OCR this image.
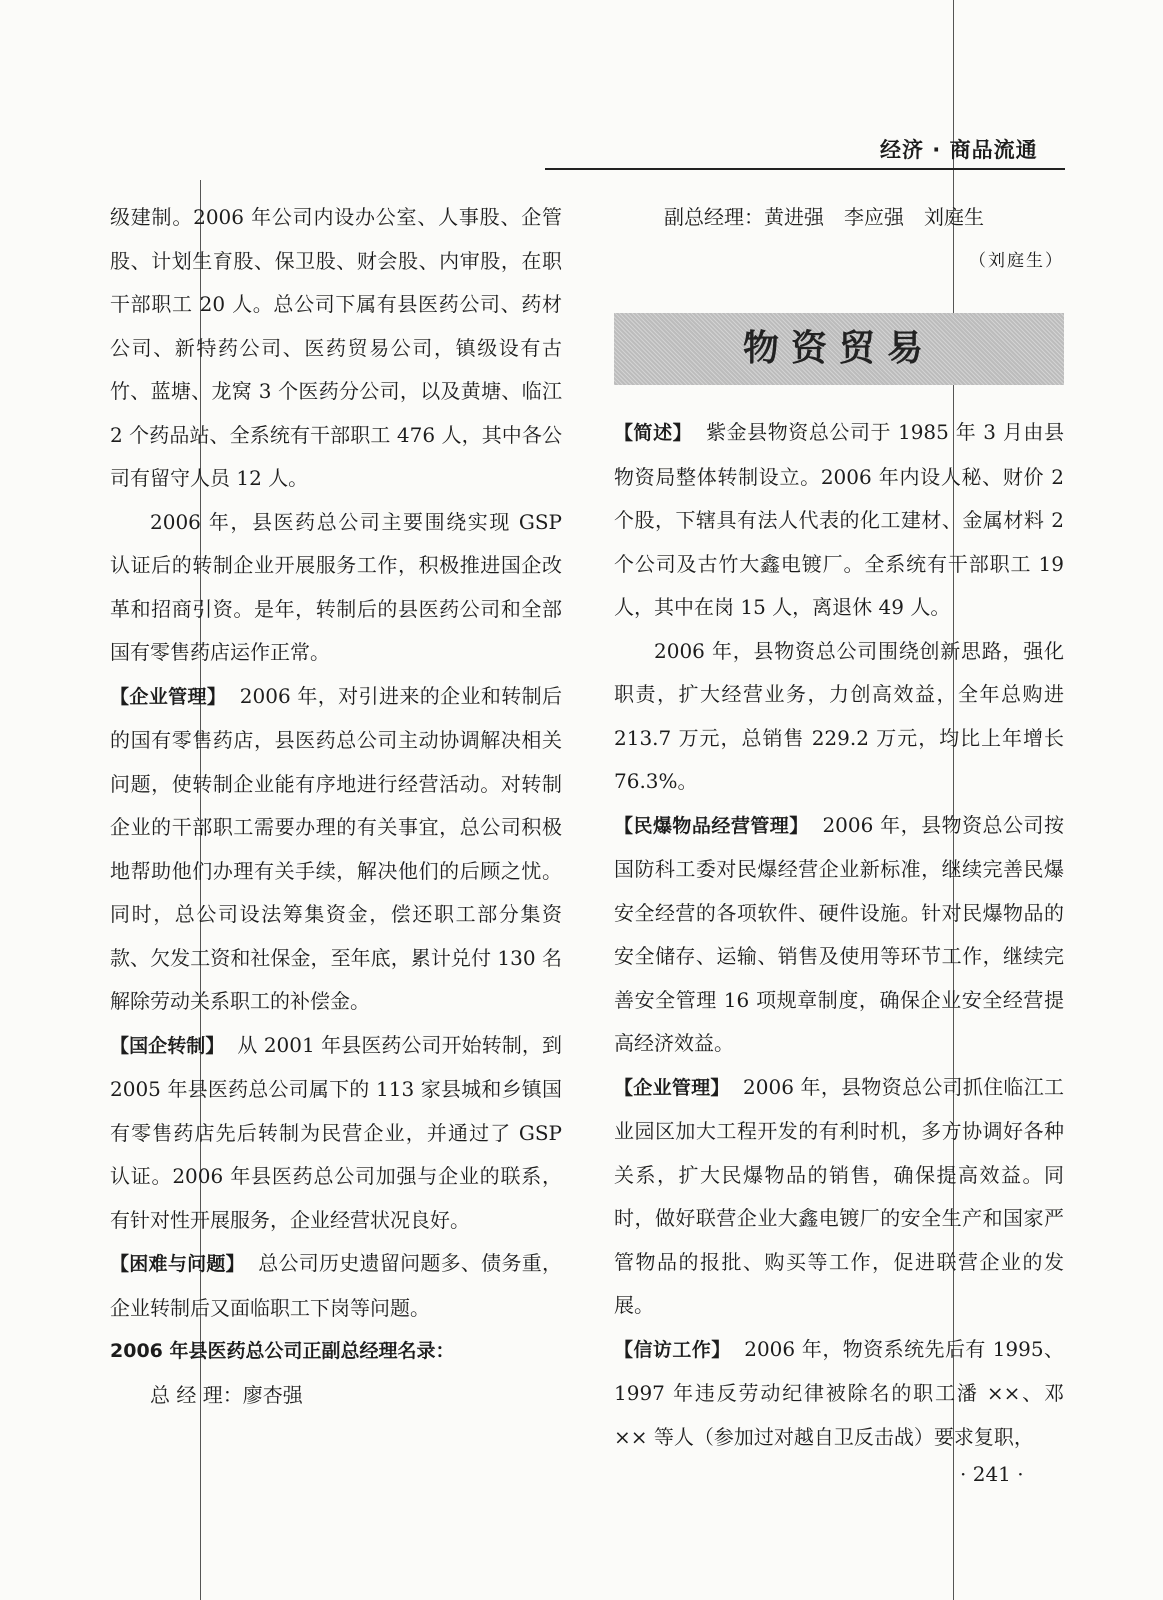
经济 · 商品流通

级建制。2006 年公司内设办公室、人事股、企管股、计划生育股、保卫股、财会股、内审股，在职干部职工 20 人。总公司下属有县医药公司、药材公司、新特药公司、医药贸易公司，镇级设有古竹、蓝塘、龙窝 3 个医药分公司，以及黄塘、临江 2 个药品站、全系统有干部职工 476 人，其中各公司有留守人员 12 人。

2006 年，县医药总公司主要围绕实现 GSP 认证后的转制企业开展服务工作，积极推进国企改革和招商引资。是年，转制后的县医药公司和全部国有零售药店运作正常。

【企业管理】 2006 年，对引进来的企业和转制后的国有零售药店，县医药总公司主动协调解决相关问题，使转制企业能有序地进行经营活动。对转制企业的干部职工需要办理的有关事宜，总公司积极地帮助他们办理有关手续，解决他们的后顾之忧。同时，总公司设法筹集资金，偿还职工部分集资款、欠发工资和社保金，至年底，累计兑付 130 名解除劳动关系职工的补偿金。

【国企转制】 从 2001 年县医药公司开始转制，到 2005 年县医药总公司属下的 113 家县城和乡镇国有零售药店先后转制为民营企业，并通过了 GSP 认证。2006 年县医药总公司加强与企业的联系，有针对性开展服务，企业经营状况良好。

【困难与问题】 总公司历史遗留问题多、债务重，企业转制后又面临职工下岗等问题。

2006 年县医药总公司正副总经理名录：

总 经 理：廖杏强

副总经理：黄进强　李应强　刘庭生

（刘庭生）

物资贸易

【简述】 紫金县物资总公司于 1985 年 3 月由县物资局整体转制设立。2006 年内设人秘、财价 2 个股，下辖具有法人代表的化工建材、金属材料 2 个公司及古竹大鑫电镀厂。全系统有干部职工 19 人，其中在岗 15 人，离退休 49 人。

2006 年，县物资总公司围绕创新思路，强化职责，扩大经营业务，力创高效益，全年总购进 213.7 万元，总销售 229.2 万元，均比上年增长 76.3%。

【民爆物品经营管理】 2006 年，县物资总公司按国防科工委对民爆经营企业新标准，继续完善民爆安全经营的各项软件、硬件设施。针对民爆物品的安全储存、运输、销售及使用等环节工作，继续完善安全管理 16 项规章制度，确保企业安全经营提高经济效益。

【企业管理】 2006 年，县物资总公司抓住临江工业园区加大工程开发的有利时机，多方协调好各种关系，扩大民爆物品的销售，确保提高效益。同时，做好联营企业大鑫电镀厂的安全生产和国家严管物品的报批、购买等工作，促进联营企业的发展。

【信访工作】 2006 年，物资系统先后有 1995、1997 年违反劳动纪律被除名的职工潘 ××、邓 ×× 等人（参加过对越自卫反击战）要求复职，

· 241 ·
